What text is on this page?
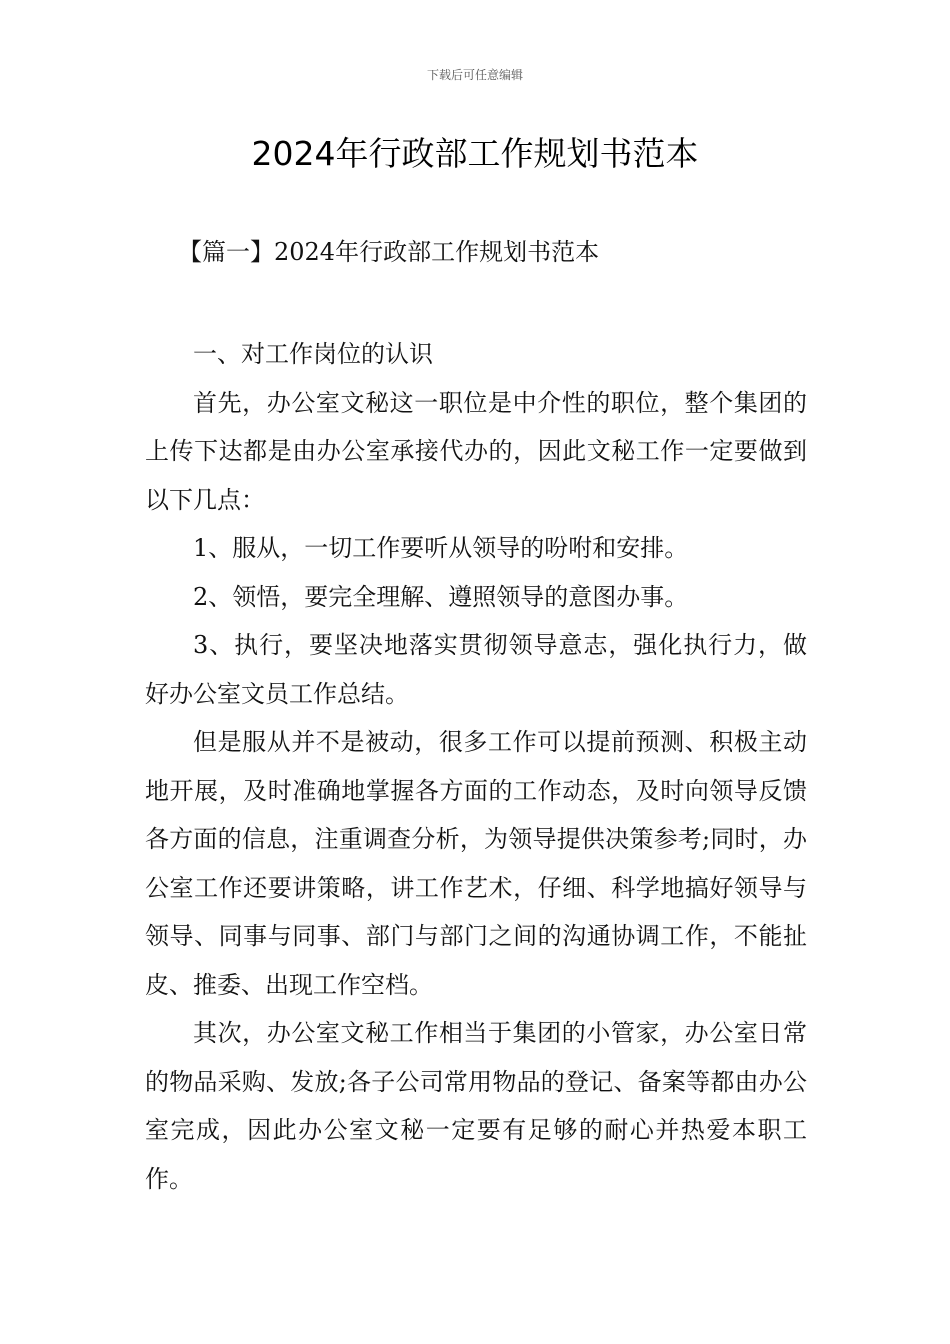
下载后可任意编辑
2024年行政部工作规划书范本
【篇一】2024年行政部工作规划书范本

一、对工作岗位的认识

首先，办公室文秘这一职位是中介性的职位，整个集团的上传下达都是由办公室承接代办的，因此文秘工作一定要做到以下几点：

1、服从，一切工作要听从领导的吩咐和安排。

2、领悟，要完全理解、遵照领导的意图办事。

3、执行，要坚决地落实贯彻领导意志，强化执行力，做好办公室文员工作总结。

但是服从并不是被动，很多工作可以提前预测、积极主动地开展，及时准确地掌握各方面的工作动态，及时向领导反馈各方面的信息，注重调查分析，为领导提供决策参考;同时，办公室工作还要讲策略，讲工作艺术，仔细、科学地搞好领导与领导、同事与同事、部门与部门之间的沟通协调工作，不能扯皮、推委、出现工作空档。

其次，办公室文秘工作相当于集团的小管家，办公室日常的物品采购、发放;各子公司常用物品的登记、备案等都由办公室完成，因此办公室文秘一定要有足够的耐心并热爱本职工作。
